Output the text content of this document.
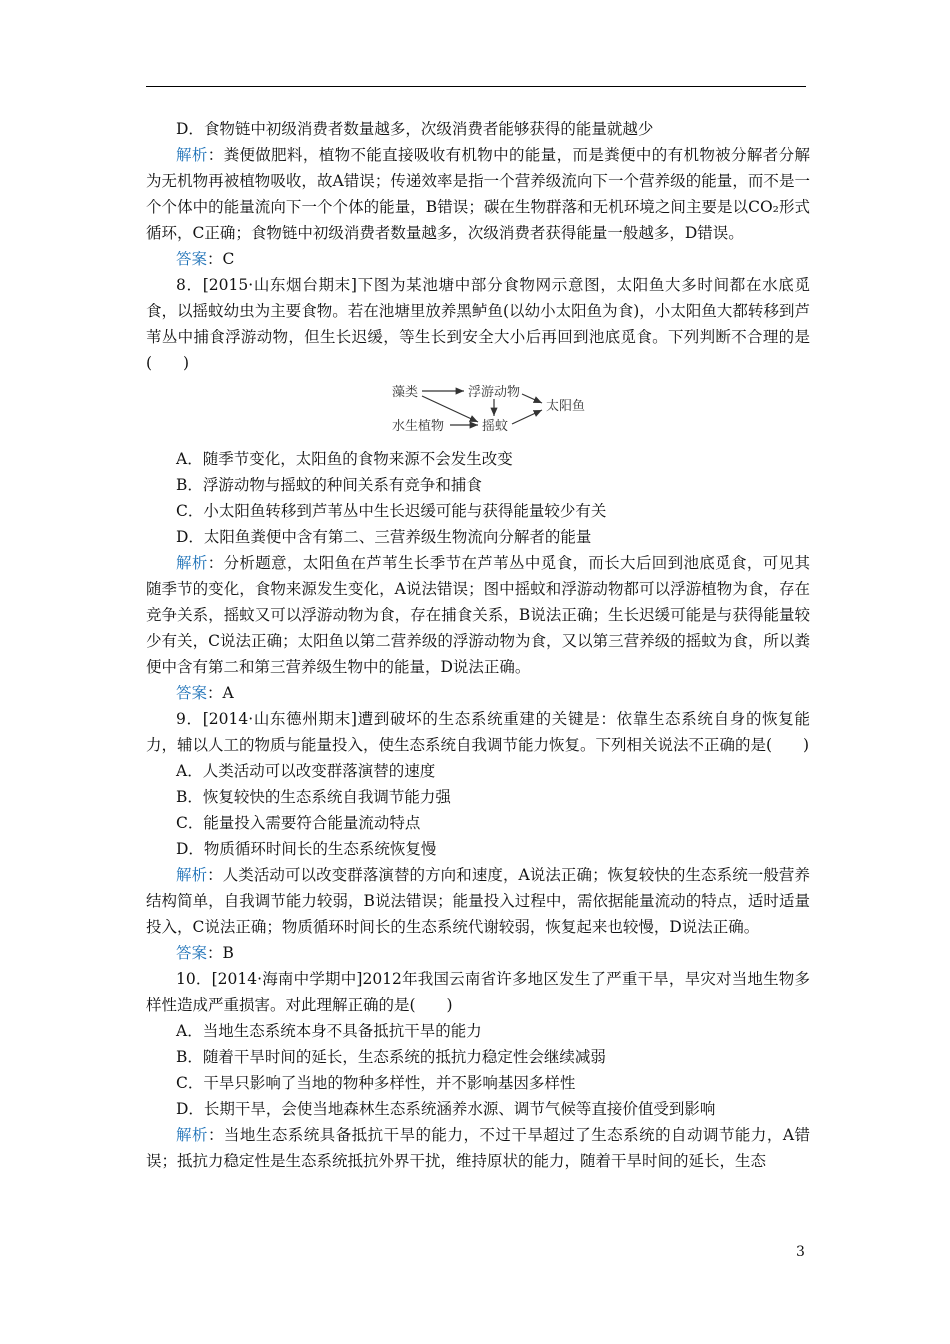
D．食物链中初级消费者数量越多，次级消费者能够获得的能量就越少

解析：粪便做肥料，植物不能直接吸收有机物中的能量，而是粪便中的有机物被分解者分解为无机物再被植物吸收，故A错误；传递效率是指一个营养级流向下一个营养级的能量，而不是一个个体中的能量流向下一个个体的能量，B错误；碳在生物群落和无机环境之间主要是以CO₂形式循环，C正确；食物链中初级消费者数量越多，次级消费者获得能量一般越多，D错误。

答案：C

8．[2015·山东烟台期末]下图为某池塘中部分食物网示意图，太阳鱼大多时间都在水底觅食，以摇蚊幼虫为主要食物。若在池塘里放养黑鲈鱼(以幼小太阳鱼为食)，小太阳鱼大都转移到芦苇丛中捕食浮游动物，但生长迟缓，等生长到安全大小后再回到池底觅食。下列判断不合理的是(　　)

藻类	浮游动物
太阳鱼
水生植物	摇蚊

A．随季节变化，太阳鱼的食物来源不会发生改变

B．浮游动物与摇蚊的种间关系有竞争和捕食

C．小太阳鱼转移到芦苇丛中生长迟缓可能与获得能量较少有关

D．太阳鱼粪便中含有第二、三营养级生物流向分解者的能量

解析：分析题意，太阳鱼在芦苇生长季节在芦苇丛中觅食，而长大后回到池底觅食，可见其随季节的变化，食物来源发生变化，A说法错误；图中摇蚊和浮游动物都可以浮游植物为食，存在竞争关系，摇蚊又可以浮游动物为食，存在捕食关系，B说法正确；生长迟缓可能是与获得能量较少有关，C说法正确；太阳鱼以第二营养级的浮游动物为食，又以第三营养级的摇蚊为食，所以粪便中含有第二和第三营养级生物中的能量，D说法正确。

答案：A

9．[2014·山东德州期末]遭到破坏的生态系统重建的关键是：依靠生态系统自身的恢复能力，辅以人工的物质与能量投入，使生态系统自我调节能力恢复。下列相关说法不正确的是(　　)

A．人类活动可以改变群落演替的速度

B．恢复较快的生态系统自我调节能力强

C．能量投入需要符合能量流动特点

D．物质循环时间长的生态系统恢复慢

解析：人类活动可以改变群落演替的方向和速度，A说法正确；恢复较快的生态系统一般营养结构简单，自我调节能力较弱，B说法错误；能量投入过程中，需依据能量流动的特点，适时适量投入，C说法正确；物质循环时间长的生态系统代谢较弱，恢复起来也较慢，D说法正确。

答案：B

10．[2014·海南中学期中]2012年我国云南省许多地区发生了严重干旱，旱灾对当地生物多样性造成严重损害。对此理解正确的是(　　)

A．当地生态系统本身不具备抵抗干旱的能力

B．随着干旱时间的延长，生态系统的抵抗力稳定性会继续减弱

C．干旱只影响了当地的物种多样性，并不影响基因多样性

D．长期干旱，会使当地森林生态系统涵养水源、调节气候等直接价值受到影响

解析：当地生态系统具备抵抗干旱的能力，不过干旱超过了生态系统的自动调节能力，A错误；抵抗力稳定性是生态系统抵抗外界干扰，维持原状的能力，随着干旱时间的延长，生态

3
